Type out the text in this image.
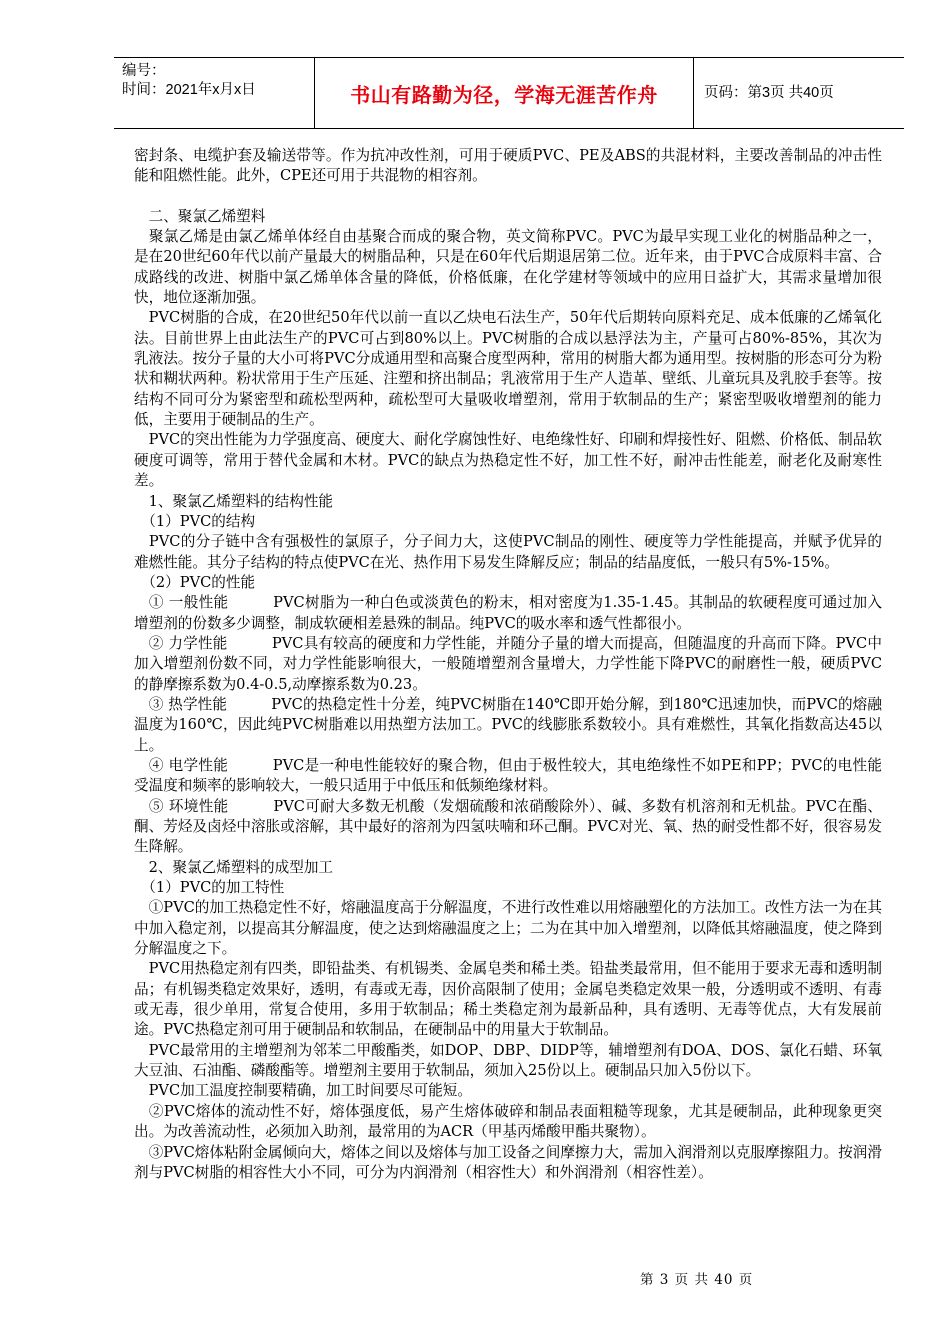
编号：
时间：2021年x月x日	书山有路勤为径，学海无涯苦作舟	页码：第3页 共40页

密封条、电缆护套及输送带等。作为抗冲改性剂，可用于硬质PVC、PE及ABS的共混材料，主要改善制品的冲击性能和阻燃性能。此外，CPE还可用于共混物的相容剂。

　二、聚氯乙烯塑料

　聚氯乙烯是由氯乙烯单体经自由基聚合而成的聚合物，英文简称PVC。PVC为最早实现工业化的树脂品种之一，是在20世纪60年代以前产量最大的树脂品种，只是在60年代后期退居第二位。近年来，由于PVC合成原料丰富、合成路线的改进、树脂中氯乙烯单体含量的降低，价格低廉，在化学建材等领域中的应用日益扩大，其需求量增加很快，地位逐渐加强。

　PVC树脂的合成，在20世纪50年代以前一直以乙炔电石法生产，50年代后期转向原料充足、成本低廉的乙烯氧化法。目前世界上由此法生产的PVC可占到80%以上。PVC树脂的合成以悬浮法为主，产量可占80%-85%，其次为乳液法。按分子量的大小可将PVC分成通用型和高聚合度型两种，常用的树脂大都为通用型。按树脂的形态可分为粉状和糊状两种。粉状常用于生产压延、注塑和挤出制品；乳液常用于生产人造革、壁纸、儿童玩具及乳胶手套等。按结构不同可分为紧密型和疏松型两种，疏松型可大量吸收增塑剂，常用于软制品的生产；紧密型吸收增塑剂的能力低，主要用于硬制品的生产。

　PVC的突出性能为力学强度高、硬度大、耐化学腐蚀性好、电绝缘性好、印刷和焊接性好、阻燃、价格低、制品软硬度可调等，常用于替代金属和木材。PVC的缺点为热稳定性不好，加工性不好，耐冲击性能差，耐老化及耐寒性差。

　1、聚氯乙烯塑料的结构性能

　（1）PVC的结构

　PVC的分子链中含有强极性的氯原子，分子间力大，这使PVC制品的刚性、硬度等力学性能提高，并赋予优异的难燃性能。其分子结构的特点使PVC在光、热作用下易发生降解反应；制品的结晶度低，一般只有5%-15%。

　（2）PVC的性能

　① 一般性能　　　PVC树脂为一种白色或淡黄色的粉末，相对密度为1.35-1.45。其制品的软硬程度可通过加入增塑剂的份数多少调整，制成软硬相差悬殊的制品。纯PVC的吸水率和透气性都很小。

　② 力学性能　　　PVC具有较高的硬度和力学性能，并随分子量的增大而提高，但随温度的升高而下降。PVC中加入增塑剂份数不同，对力学性能影响很大，一般随增塑剂含量增大，力学性能下降PVC的耐磨性一般，硬质PVC的静摩擦系数为0.4-0.5,动摩擦系数为0.23。

　③ 热学性能　　　PVC的热稳定性十分差，纯PVC树脂在140℃即开始分解，到180℃迅速加快，而PVC的熔融温度为160℃，因此纯PVC树脂难以用热塑方法加工。PVC的线膨胀系数较小。具有难燃性，其氧化指数高达45以上。

　④ 电学性能　　　PVC是一种电性能较好的聚合物，但由于极性较大，其电绝缘性不如PE和PP；PVC的电性能受温度和频率的影响较大，一般只适用于中低压和低频绝缘材料。

　⑤ 环境性能　　　PVC可耐大多数无机酸（发烟硫酸和浓硝酸除外）、碱、多数有机溶剂和无机盐。PVC在酯、酮、芳烃及卤烃中溶胀或溶解，其中最好的溶剂为四氢呋喃和环己酮。PVC对光、氧、热的耐受性都不好，很容易发生降解。

　2、聚氯乙烯塑料的成型加工

　（1）PVC的加工特性

　①PVC的加工热稳定性不好，熔融温度高于分解温度，不进行改性难以用熔融塑化的方法加工。改性方法一为在其中加入稳定剂，以提高其分解温度，使之达到熔融温度之上；二为在其中加入增塑剂，以降低其熔融温度，使之降到分解温度之下。

　PVC用热稳定剂有四类，即铅盐类、有机锡类、金属皂类和稀土类。铅盐类最常用，但不能用于要求无毒和透明制品；有机锡类稳定效果好，透明，有毒或无毒，因价高限制了使用；金属皂类稳定效果一般，分透明或不透明、有毒或无毒，很少单用，常复合使用，多用于软制品；稀土类稳定剂为最新品种，具有透明、无毒等优点，大有发展前途。PVC热稳定剂可用于硬制品和软制品，在硬制品中的用量大于软制品。

　PVC最常用的主增塑剂为邻苯二甲酸酯类，如DOP、DBP、DIDP等，辅增塑剂有DOA、DOS、氯化石蜡、环氧大豆油、石油酯、磷酸酯等。增塑剂主要用于软制品，须加入25份以上。硬制品只加入5份以下。

　PVC加工温度控制要精确，加工时间要尽可能短。

　②PVC熔体的流动性不好，熔体强度低，易产生熔体破碎和制品表面粗糙等现象，尤其是硬制品，此种现象更突出。为改善流动性，必须加入助剂，最常用的为ACR（甲基丙烯酸甲酯共聚物）。

　③PVC熔体粘附金属倾向大，熔体之间以及熔体与加工设备之间摩擦力大，需加入润滑剂以克服摩擦阻力。按润滑剂与PVC树脂的相容性大小不同，可分为内润滑剂（相容性大）和外润滑剂（相容性差）。

第 3 页 共 40 页
